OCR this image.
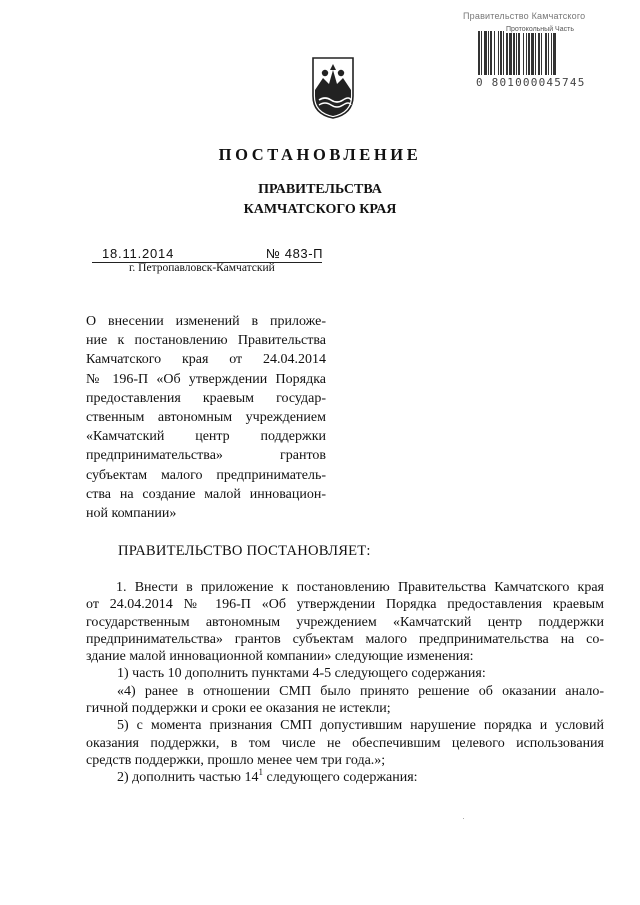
Правительство Камчатского
Протокольный Часть
0 801000045745
ПОСТАНОВЛЕНИЕ
ПРАВИТЕЛЬСТВА
КАМЧАТСКОГО КРАЯ
18.11.2014	№ 483-П
г. Петропавловск-Камчатский
О внесении изменений в приложе-
ние к постановлению Правительства
Камчатского края от 24.04.2014
№ 196-П «Об утверждении Порядка
предоставления краевым государ-
ственным автономным учреждением
«Камчатский центр поддержки
предпринимательства» грантов
субъектам малого предприниматель-
ства на создание малой инновацион-
ной компании»
ПРАВИТЕЛЬСТВО ПОСТАНОВЛЯЕТ:
1. Внести в приложение к постановлению Правительства Камчатского края
от 24.04.2014 № 196-П «Об утверждении Порядка предоставления краевым
государственным автономным учреждением «Камчатский центр поддержки
предпринимательства» грантов субъектам малого предпринимательства на со-
здание малой инновационной компании» следующие изменения:
1) часть 10 дополнить пунктами 4-5 следующего содержания:
«4) ранее в отношении СМП было принято решение об оказании анало-
гичной поддержки и сроки ее оказания не истекли;
5) с момента признания СМП допустившим нарушение порядка и условий
оказания поддержки, в том числе не обеспечившим целевого использования
средств поддержки, прошло менее чем три года.»;
2) дополнить частью $14^1$ следующего содержания:
